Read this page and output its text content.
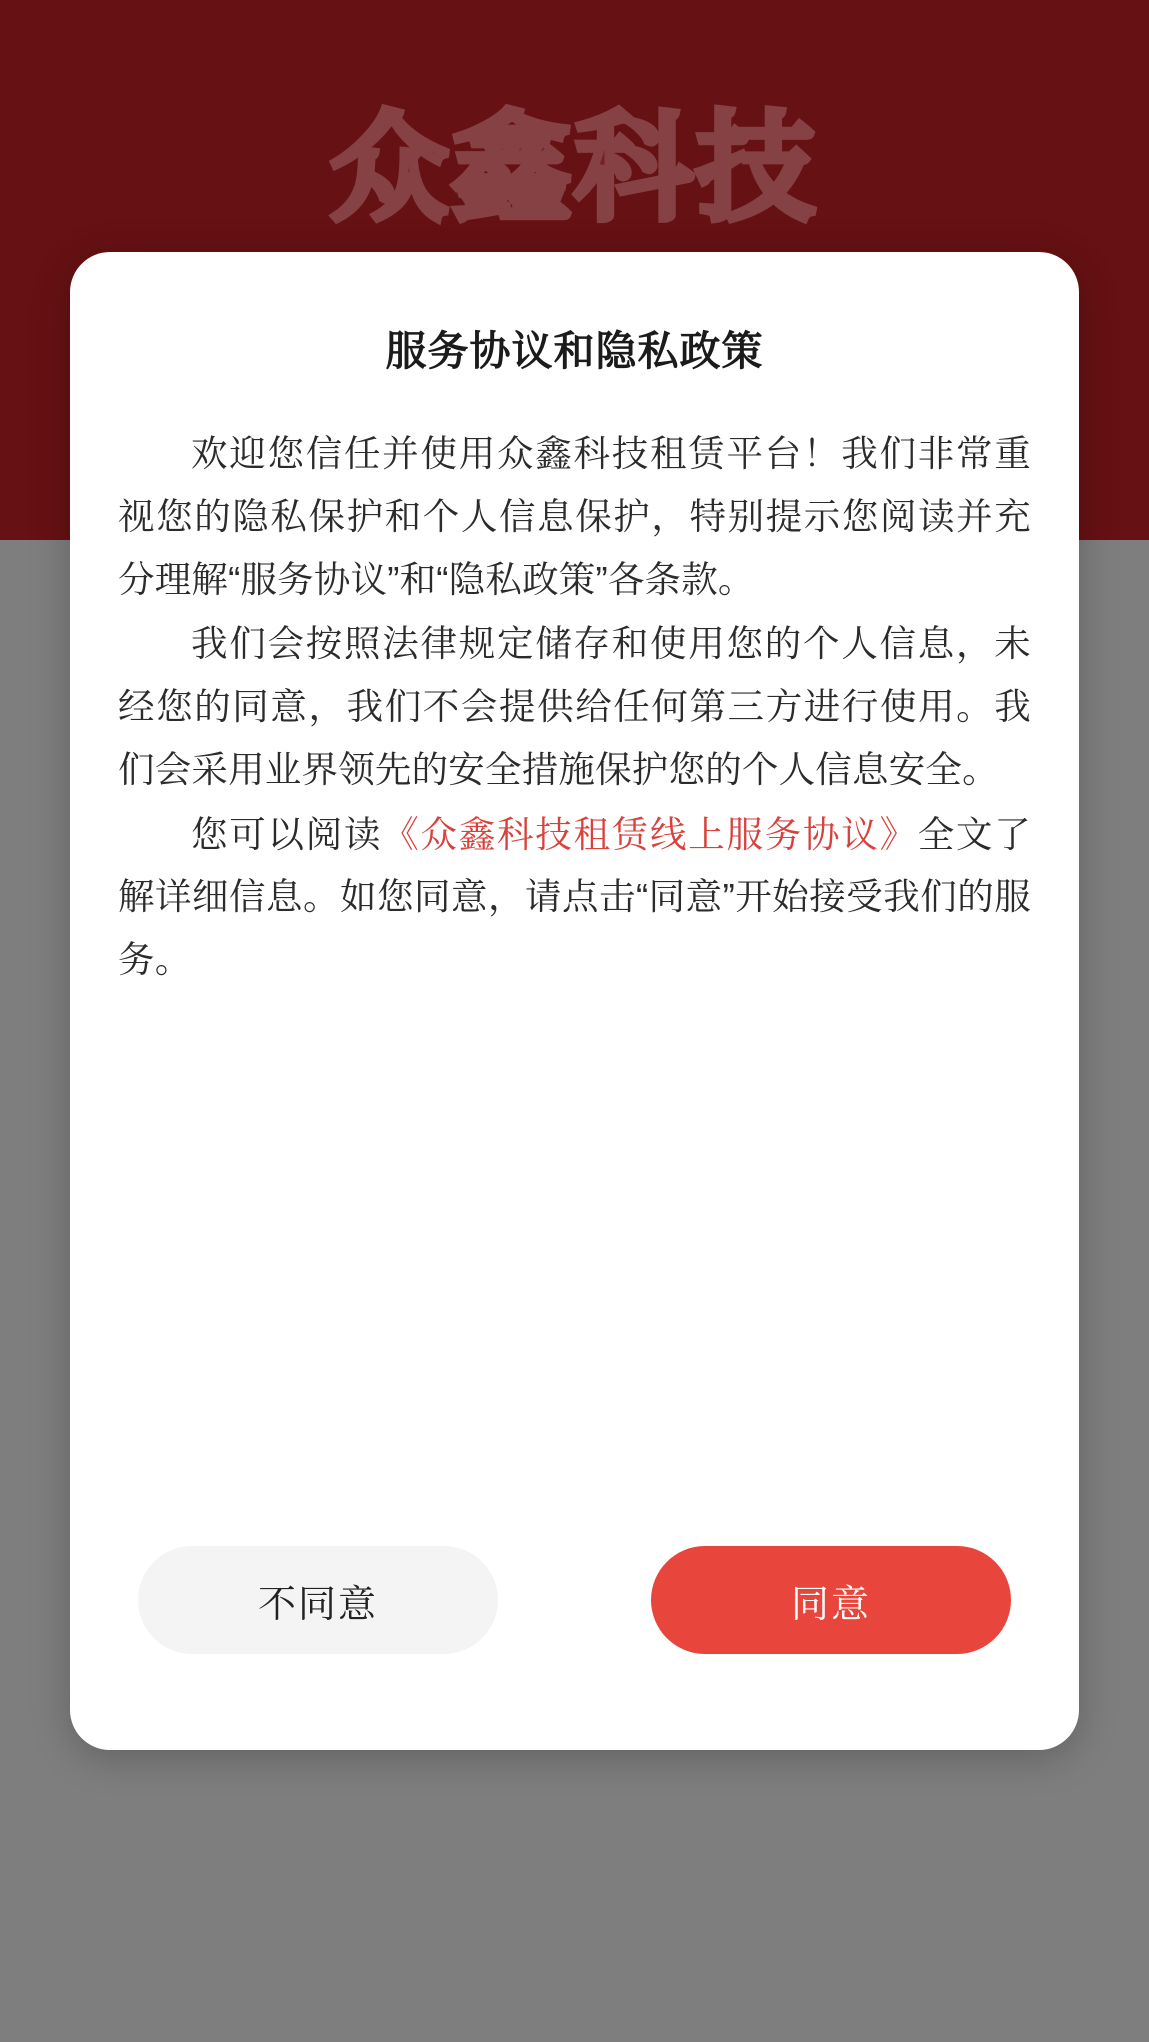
众鑫科技
服务协议和隐私政策

欢迎您信任并使用众鑫科技租赁平台！我们非常重视您的隐私保护和个人信息保护，特别提示您阅读并充分理解“服务协议”和“隐私政策”各条款。

我们会按照法律规定储存和使用您的个人信息，未经您的同意，我们不会提供给任何第三方进行使用。我们会采用业界领先的安全措施保护您的个人信息安全。

您可以阅读《众鑫科技租赁线上服务协议》全文了解详细信息。如您同意，请点击“同意”开始接受我们的服务。

不同意	同意
